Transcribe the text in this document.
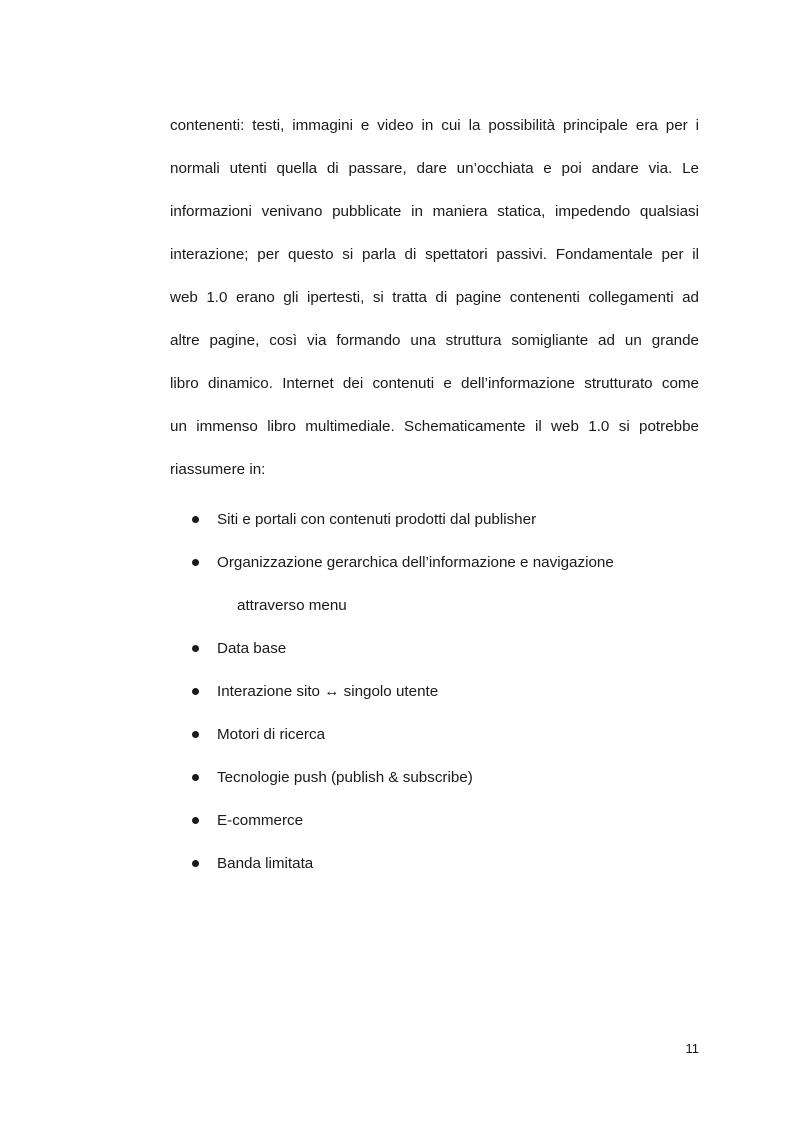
contenenti: testi, immagini e video in cui la possibilità principale era per i
normali utenti quella di passare, dare un’occhiata e poi andare via. Le
informazioni venivano pubblicate in maniera statica, impedendo qualsiasi
interazione; per questo si parla di spettatori passivi. Fondamentale per il
web 1.0 erano gli ipertesti, si tratta di pagine contenenti collegamenti ad
altre pagine, così via formando una struttura somigliante ad un grande
libro dinamico. Internet dei contenuti e dell’informazione strutturato come
un immenso libro multimediale. Schematicamente il web 1.0 si potrebbe
riassumere in:

Siti e portali con contenuti prodotti dal publisher
Organizzazione gerarchica dell’informazione e navigazione
attraverso menu
Data base
Interazione sito ↔ singolo utente
Motori di ricerca
Tecnologie push (publish & subscribe)
E-commerce
Banda limitata
11
